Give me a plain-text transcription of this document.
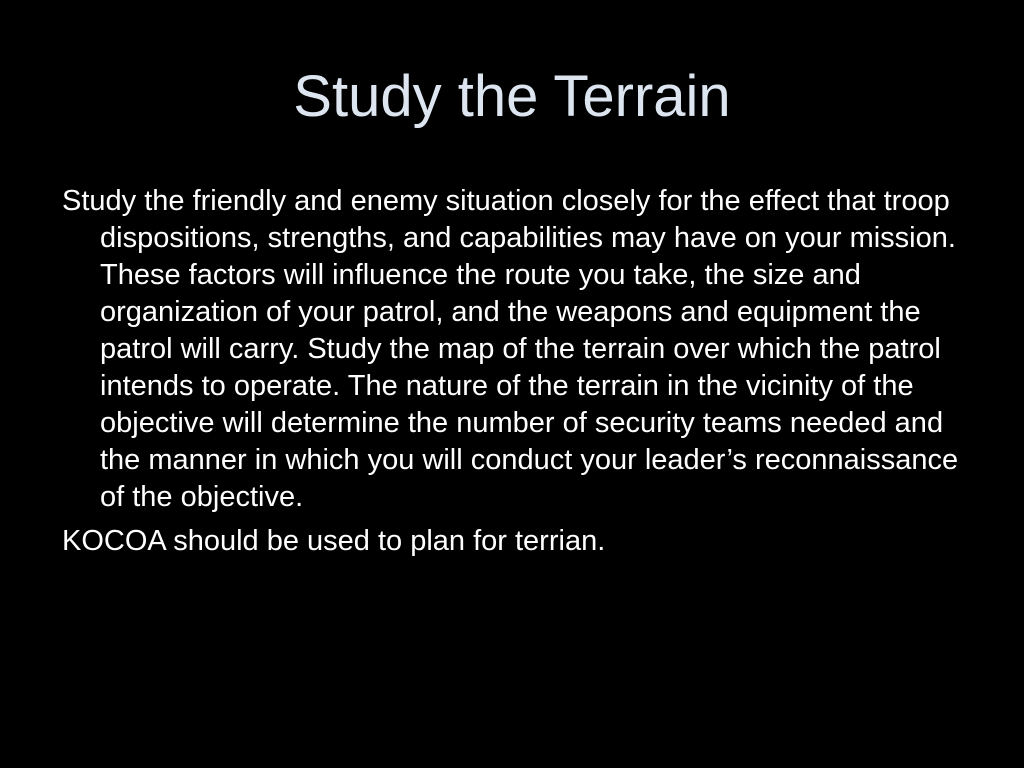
Study the Terrain
Study the friendly and enemy situation closely for the effect that troop dispositions, strengths, and capabilities may have on your mission. These factors will influence the route you take, the size and organization of your patrol, and the weapons and equipment the patrol will carry. Study the map of the terrain over which the patrol intends to operate. The nature of the terrain in the vicinity of the objective will determine the number of security teams needed and the manner in which you will conduct your leader’s reconnaissance of the objective.
KOCOA should be used to plan for terrian.
